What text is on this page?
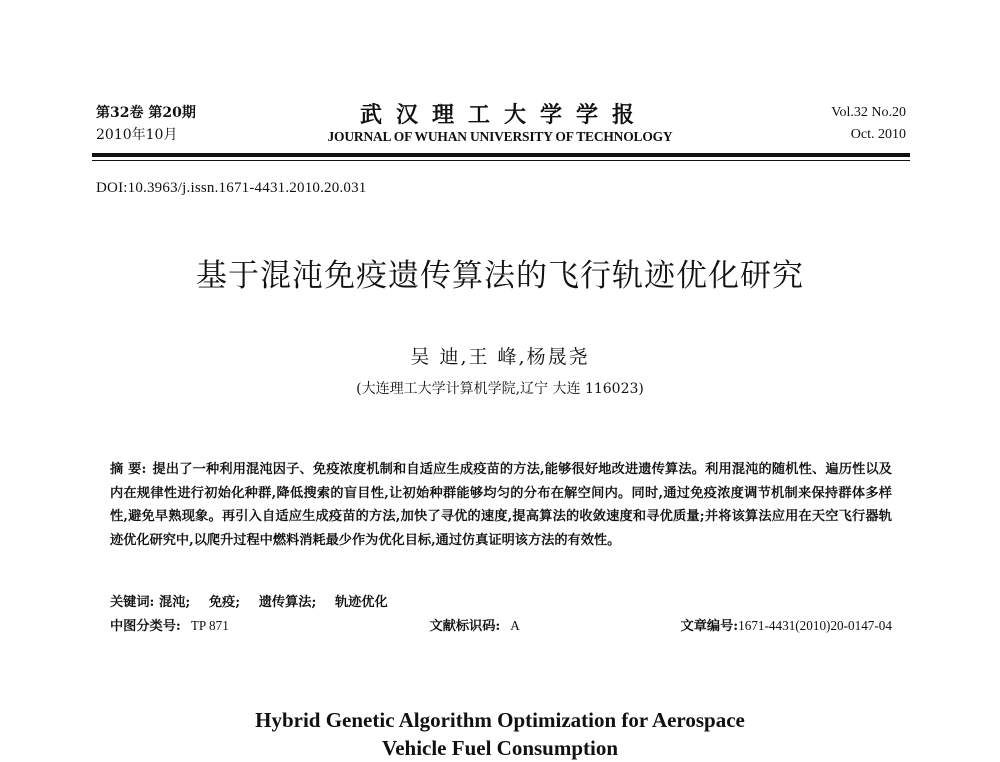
第32卷 第20期
2010年10月
武汉理工大学学报
JOURNAL OF WUHAN UNIVERSITY OF TECHNOLOGY
Vol.32 No.20
Oct. 2010
DOI:10.3963/j.issn.1671-4431.2010.20.031
基于混沌免疫遗传算法的飞行轨迹优化研究
吴 迪,王 峰,杨晟尧
(大连理工大学计算机学院,辽宁 大连 116023)
摘 要: 提出了一种利用混沌因子、免疫浓度机制和自适应生成疫苗的方法,能够很好地改进遗传算法。利用混沌的随机性、遍历性以及内在规律性进行初始化种群,降低搜索的盲目性,让初始种群能够均匀的分布在解空间内。同时,通过免疫浓度调节机制来保持群体多样性,避免早熟现象。再引入自适应生成疫苗的方法,加快了寻优的速度,提高算法的收敛速度和寻优质量;并将该算法应用在天空飞行器轨迹优化研究中,以爬升过程中燃料消耗最少作为优化目标,通过仿真证明该方法的有效性。
关键词: 混沌; 免疫; 遗传算法; 轨迹优化
中图分类号: TP 871	文献标识码: A	文章编号:1671-4431(2010)20-0147-04
Hybrid Genetic Algorithm Optimization for Aerospace
Vehicle Fuel Consumption
